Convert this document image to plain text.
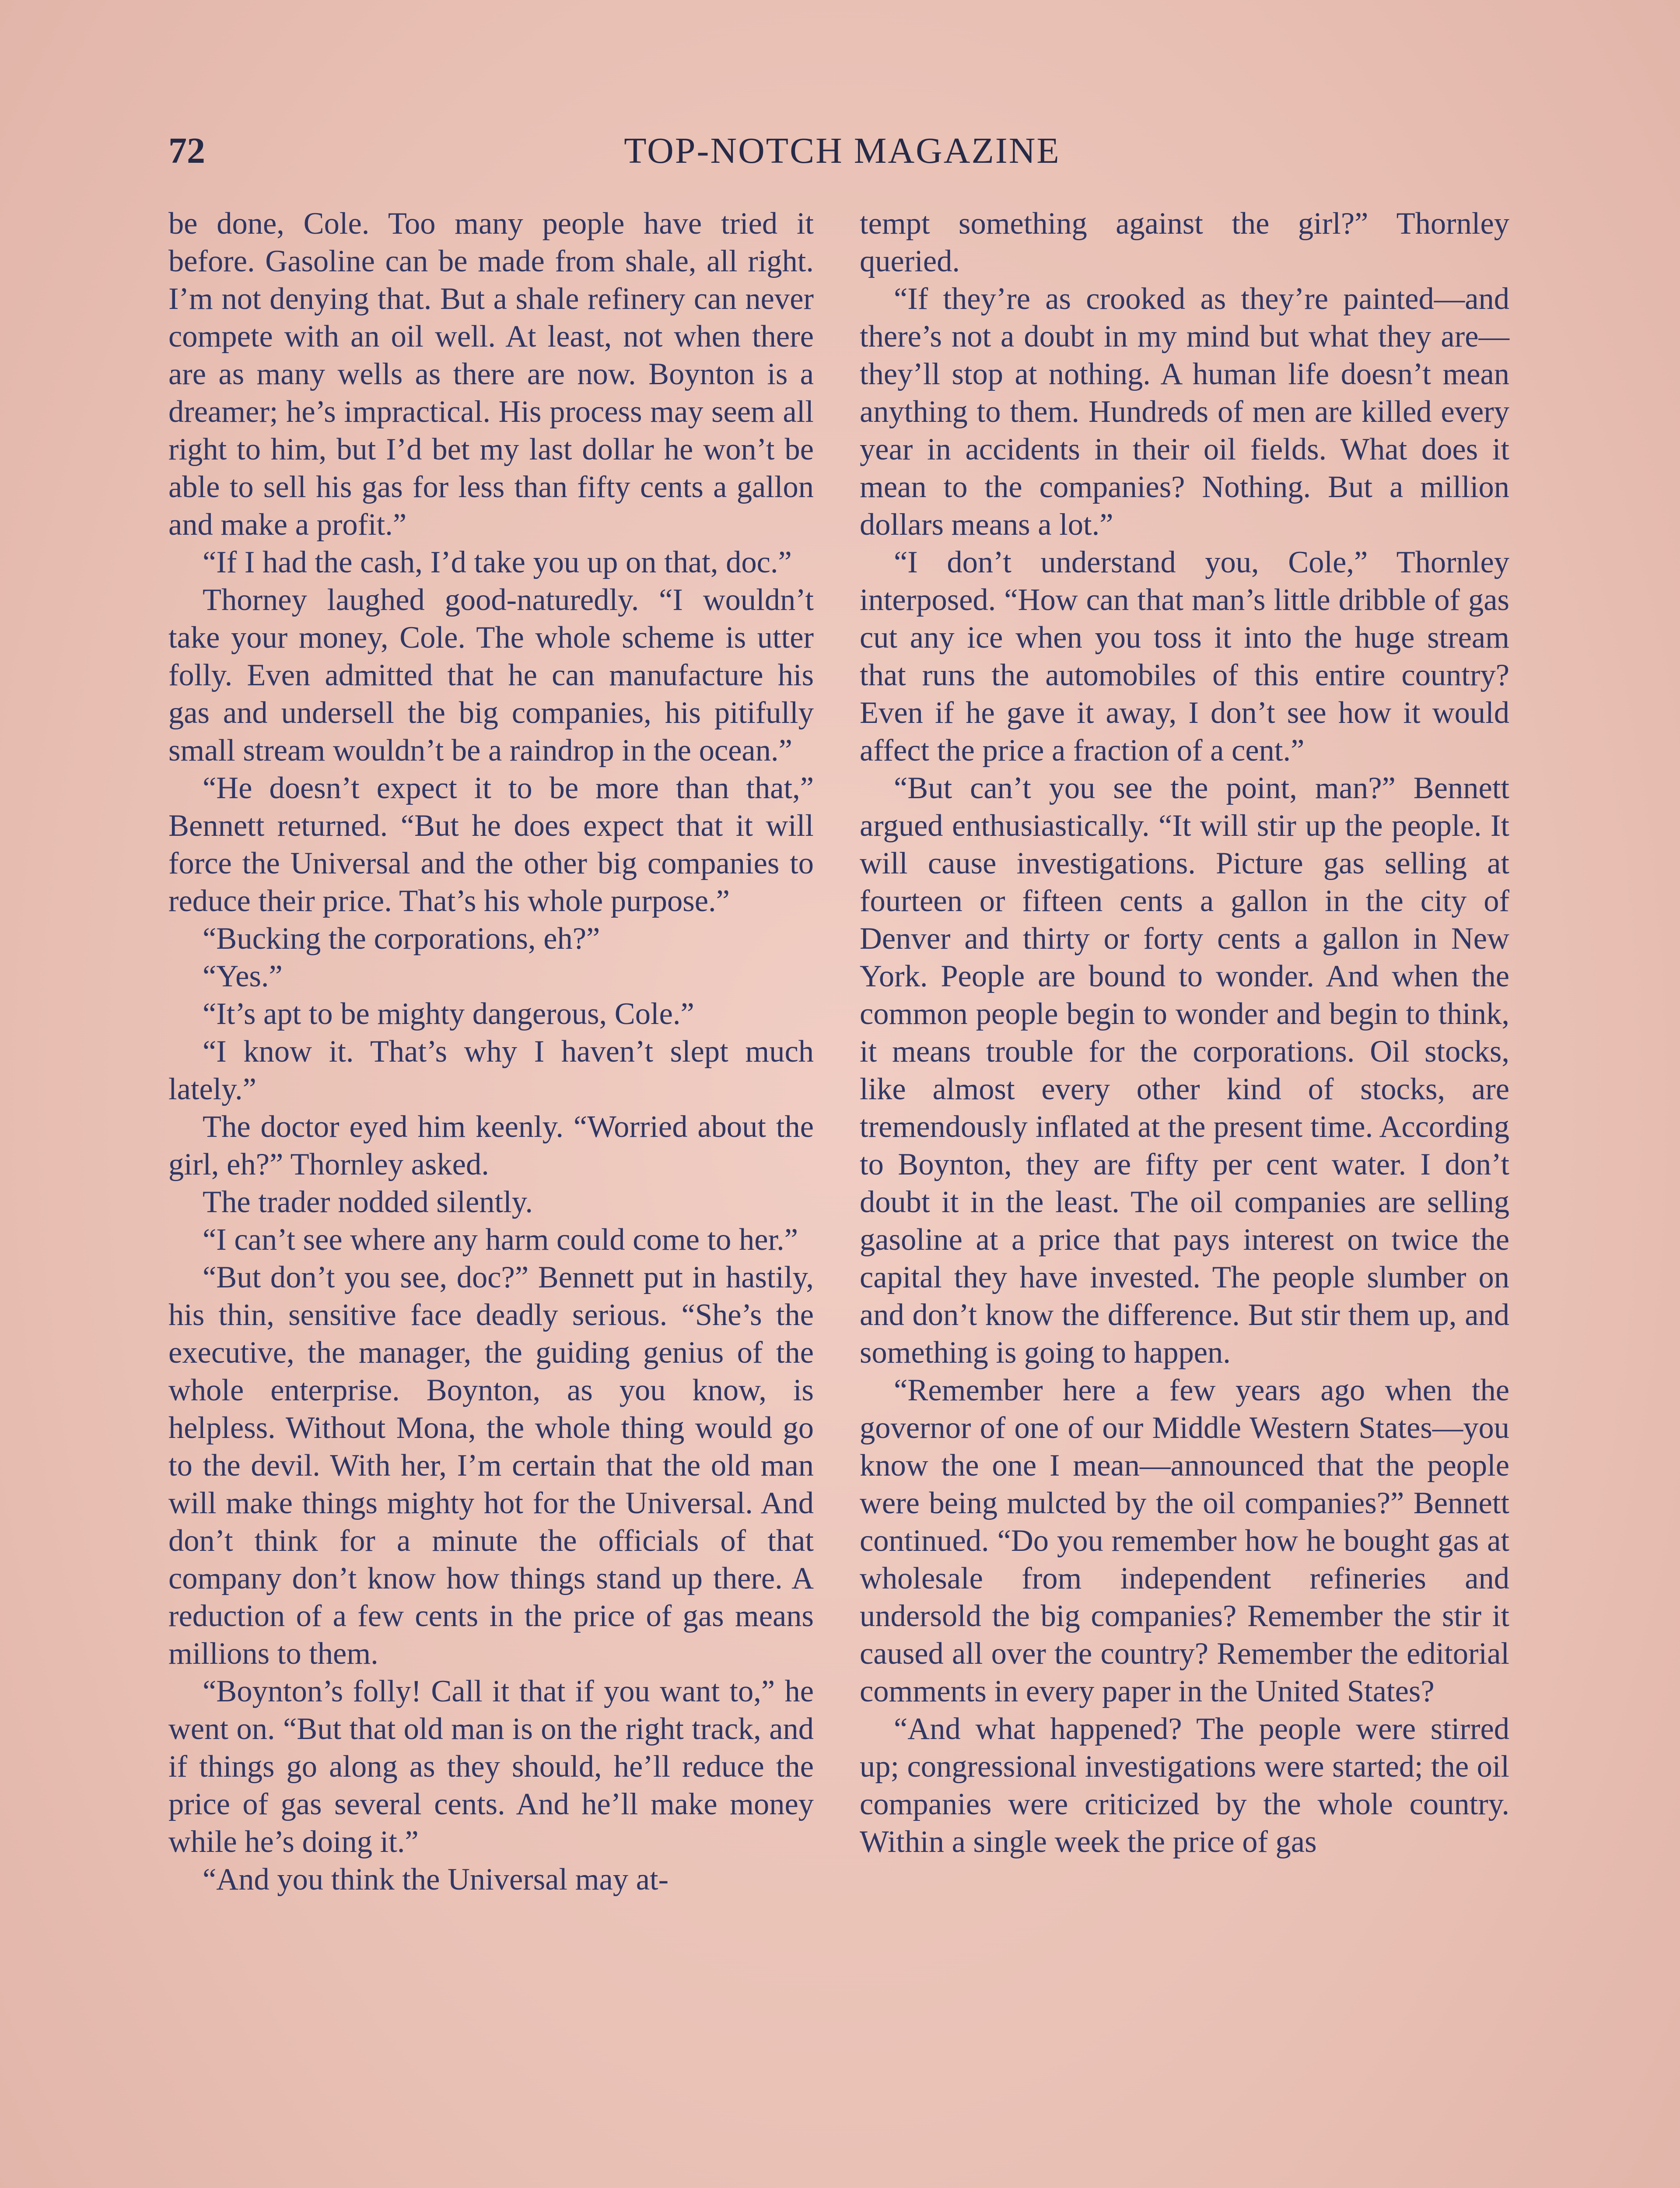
72	TOP-NOTCH MAGAZINE

be done, Cole. Too many people have tried it before. Gasoline can be made from shale, all right. I’m not denying that. But a shale refinery can never compete with an oil well. At least, not when there are as many wells as there are now. Boynton is a dreamer; he’s impractical. His process may seem all right to him, but I’d bet my last dollar he won’t be able to sell his gas for less than fifty cents a gallon and make a profit.”

“If I had the cash, I’d take you up on that, doc.”

Thorney laughed good-naturedly. “I wouldn’t take your money, Cole. The whole scheme is utter folly. Even admitted that he can manufacture his gas and undersell the big companies, his pitifully small stream wouldn’t be a raindrop in the ocean.”

“He doesn’t expect it to be more than that,” Bennett returned. “But he does expect that it will force the Universal and the other big companies to reduce their price. That’s his whole purpose.”

“Bucking the corporations, eh?”

“Yes.”

“It’s apt to be mighty dangerous, Cole.”

“I know it. That’s why I haven’t slept much lately.”

The doctor eyed him keenly. “Worried about the girl, eh?” Thornley asked.

The trader nodded silently.

“I can’t see where any harm could come to her.”

“But don’t you see, doc?” Bennett put in hastily, his thin, sensitive face deadly serious. “She’s the executive, the manager, the guiding genius of the whole enterprise. Boynton, as you know, is helpless. Without Mona, the whole thing would go to the devil. With her, I’m certain that the old man will make things mighty hot for the Universal. And don’t think for a minute the officials of that company don’t know how things stand up there. A reduction of a few cents in the price of gas means millions to them.

“Boynton’s folly! Call it that if you want to,” he went on. “But that old man is on the right track, and if things go along as they should, he’ll reduce the price of gas several cents. And he’ll make money while he’s doing it.”

“And you think the Universal may at-

tempt something against the girl?” Thornley queried.

“If they’re as crooked as they’re painted—and there’s not a doubt in my mind but what they are—they’ll stop at nothing. A human life doesn’t mean anything to them. Hundreds of men are killed every year in accidents in their oil fields. What does it mean to the companies? Nothing. But a million dollars means a lot.”

“I don’t understand you, Cole,” Thornley interposed. “How can that man’s little dribble of gas cut any ice when you toss it into the huge stream that runs the automobiles of this entire country? Even if he gave it away, I don’t see how it would affect the price a fraction of a cent.”

“But can’t you see the point, man?” Bennett argued enthusiastically. “It will stir up the people. It will cause investigations. Picture gas selling at fourteen or fifteen cents a gallon in the city of Denver and thirty or forty cents a gallon in New York. People are bound to wonder. And when the common people begin to wonder and begin to think, it means trouble for the corporations. Oil stocks, like almost every other kind of stocks, are tremendously inflated at the present time. According to Boynton, they are fifty per cent water. I don’t doubt it in the least. The oil companies are selling gasoline at a price that pays interest on twice the capital they have invested. The people slumber on and don’t know the difference. But stir them up, and something is going to happen.

“Remember here a few years ago when the governor of one of our Middle Western States—you know the one I mean—announced that the people were being mulcted by the oil companies?” Bennett continued. “Do you remember how he bought gas at wholesale from independent refineries and undersold the big companies? Remember the stir it caused all over the country? Remember the editorial comments in every paper in the United States?

“And what happened? The people were stirred up; congressional investigations were started; the oil companies were criticized by the whole country. Within a single week the price of gas
